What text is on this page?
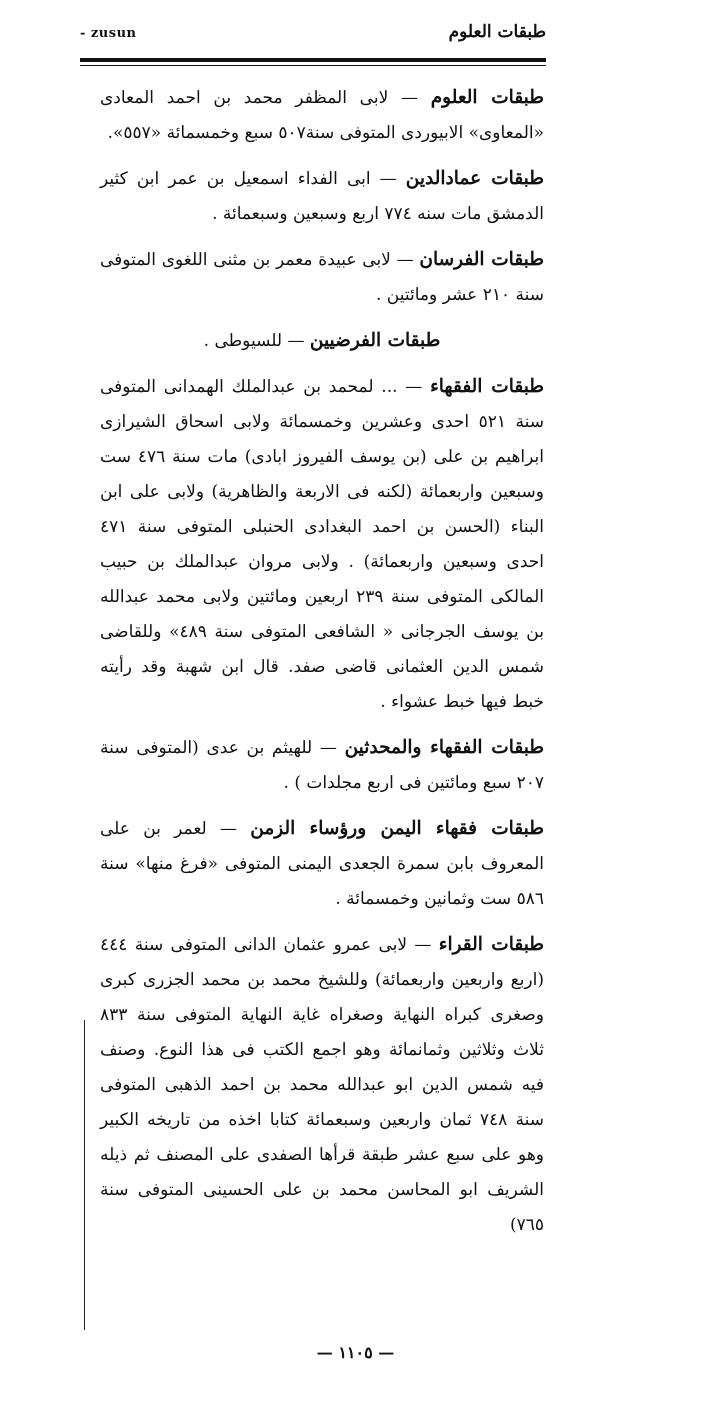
طبقات العلوم
- zusun

طبقات العلوم — لابى المظفر محمد بن احمد المعادى «المعاوى» الابيوردى المتوفى سنة٥٠٧ سبع وخمسمائة «٥٥٧».

طبقات عمادالدين — ابى الفداء اسمعيل بن عمر ابن كثير الدمشق مات سنه ٧٧٤ اربع وسبعين وسبعمائة .

طبقات الفرسان — لابى عبيدة معمر بن مثنى اللغوى المتوفى سنة ٢١٠ عشر ومائتين .

طبقات الفرضيين — للسيوطى .

طبقات الفقهاء — ... لمحمد بن عبدالملك الهمدانى المتوفى سنة ٥٢١ احدى وعشرين وخمسمائة ولابى اسحاق الشيرازى ابراهيم بن على (بن يوسف الفيروز ابادى) مات سنة ٤٧٦ ست وسبعين واربعمائة (لكنه فى الاربعة والظاهرية) ولابى على ابن البناء (الحسن بن احمد البغدادى الحنبلى المتوفى سنة ٤٧١ احدى وسبعين واربعمائة) . ولابى مروان عبدالملك بن حبيب المالكى المتوفى سنة ٢٣٩ اربعين ومائتين ولابى محمد عبدالله بن يوسف الجرجانى « الشافعى المتوفى سنة ٤٨٩» وللقاضى شمس الدين العثمانى قاضى صفد. قال ابن شهبة وقد رأيته خبط فيها خبط عشواء .

طبقات الفقهاء والمحدثين — للهيثم بن عدى (المتوفى سنة ٢٠٧ سبع ومائتين فى اربع مجلدات ) .

طبقات فقهاء اليمن ورؤساء الزمن — لعمر بن على المعروف بابن سمرة الجعدى اليمنى المتوفى «فرغ منها» سنة ٥٨٦ ست وثمانين وخمسمائة .

طبقات القراء — لابى عمرو عثمان الدانى المتوفى سنة ٤٤٤ (اربع واربعين واربعمائة) وللشيخ محمد بن محمد الجزرى كبرى وصغرى كبراه النهاية وصغراه غاية النهاية المتوفى سنة ٨٣٣ ثلاث وثلاثين وثمانمائة وهو اجمع الكتب فى هذا النوع. وصنف فيه شمس الدين ابو عبدالله محمد بن احمد الذهبى المتوفى سنة ٧٤٨ ثمان واربعين وسبعمائة كتابا اخذه من تاريخه الكبير وهو على سبع عشر طبقة قرأها الصفدى على المصنف ثم ذيله الشريف ابو المحاسن محمد بن على الحسينى المتوفى سنة ٧٦٥)

— ١١٠٥ —
